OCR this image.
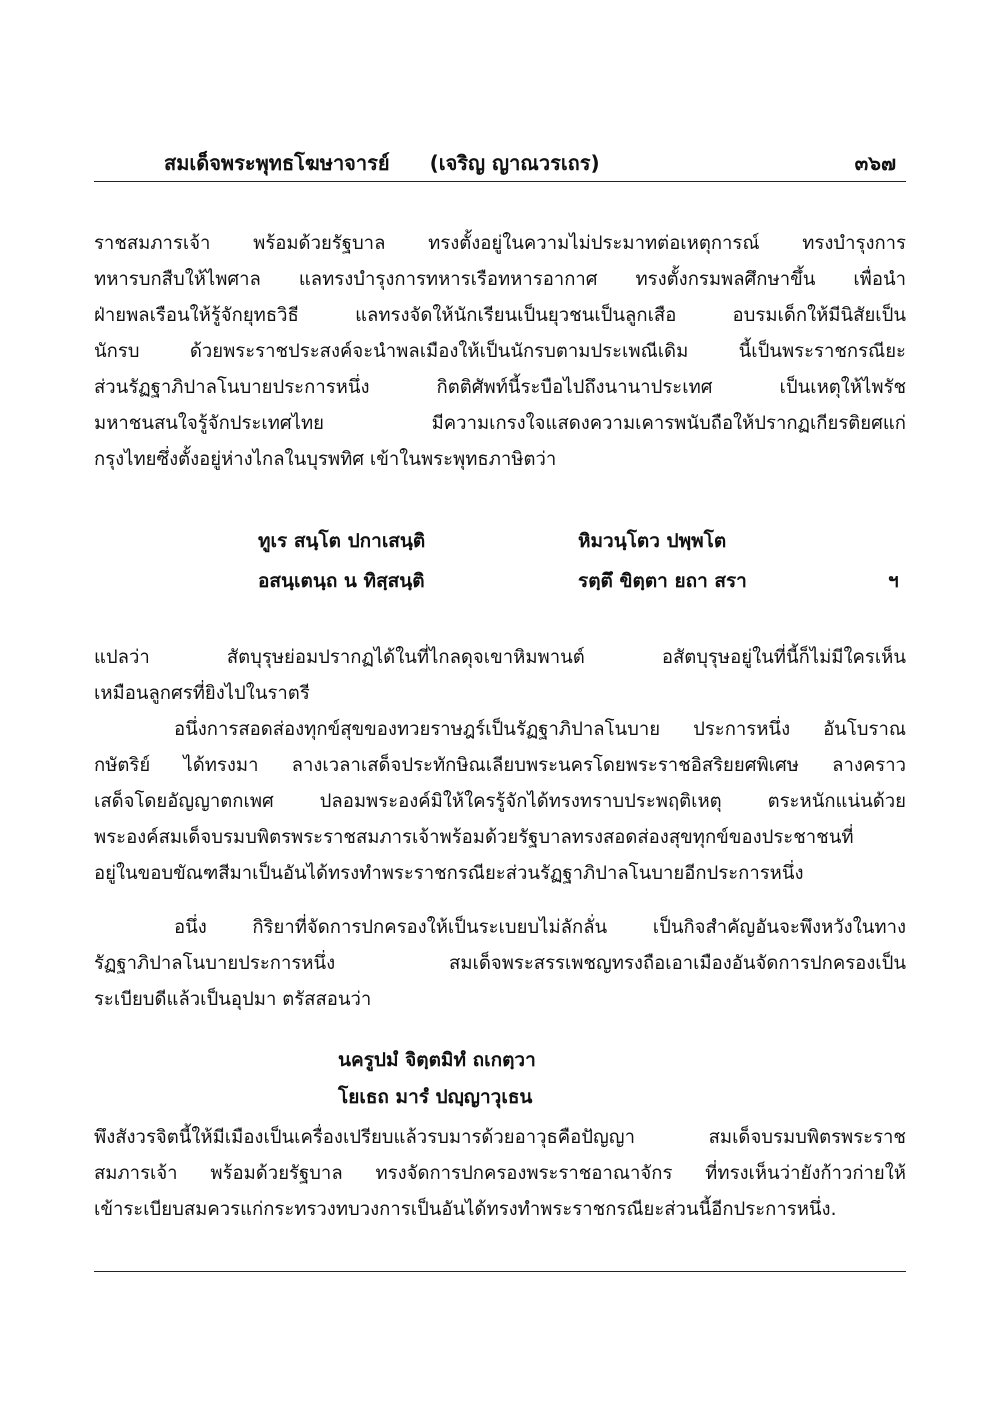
สมเด็จพระพุทธโฆษาจารย์ (เจริญ ญาณวรเถร)	๓๖๗
ราชสมภารเจ้า พร้อมด้วยรัฐบาล ทรงตั้งอยู่ในความไม่ประมาทต่อเหตุการณ์ ทรงบำรุงการ
ทหารบกสืบให้ไพศาล แลทรงบำรุงการทหารเรือทหารอากาศ ทรงตั้งกรมพลศึกษาขึ้น เพื่อนำ
ฝ่ายพลเรือนให้รู้จักยุทธวิธี แลทรงจัดให้นักเรียนเป็นยุวชนเป็นลูกเสือ อบรมเด็กให้มีนิสัยเป็น
นักรบ ด้วยพระราชประสงค์จะนำพลเมืองให้เป็นนักรบตามประเพณีเดิม นี้เป็นพระราชกรณียะ
ส่วนรัฏฐาภิปาลโนบายประการหนึ่ง กิตติศัพท์นี้ระบือไปถึงนานาประเทศ เป็นเหตุให้ไพรัช
มหาชนสนใจรู้จักประเทศไทย มีความเกรงใจแสดงความเคารพนับถือให้ปรากฏเกียรติยศแก่
กรุงไทยซึ่งตั้งอยู่ห่างไกลในบุรพทิศ เข้าในพระพุทธภาษิตว่า
ทูเร สนฺโต ปกาเสนฺติ	หิมวนฺโตว ปพฺพโต
อสนฺเตนฺถ น ทิสฺสนฺติ	รตฺตึ ขิตฺตา ยถา สรา	ฯ
แปลว่า สัตบุรุษย่อมปรากฏได้ในที่ไกลดุจเขาหิมพานต์ อสัตบุรุษอยู่ในที่นี้ก็ไม่มีใครเห็น
เหมือนลูกศรที่ยิงไปในราตรี
อนึ่งการสอดส่องทุกข์สุขของทวยราษฎร์เป็นรัฏฐาภิปาลโนบาย ประการหนึ่ง อันโบราณ
กษัตริย์ ได้ทรงมา ลางเวลาเสด็จประทักษิณเลียบพระนครโดยพระราชอิสริยยศพิเศษ ลางคราว
เสด็จโดยอัญญาตกเพศ ปลอมพระองค์มิให้ใครรู้จักได้ทรงทราบประพฤติเหตุ ตระหนักแน่นด้วย
พระองค์สมเด็จบรมบพิตรพระราชสมภารเจ้าพร้อมด้วยรัฐบาลทรงสอดส่องสุขทุกข์ของประชาชนที่
อยู่ในขอบขัณฑสีมาเป็นอันได้ทรงทำพระราชกรณียะส่วนรัฏฐาภิปาลโนบายอีกประการหนึ่ง
อนึ่ง กิริยาที่จัดการปกครองให้เป็นระเบยบไม่ลักลั่น เป็นกิจสำคัญอันจะพึงหวังในทาง
รัฏฐาภิปาลโนบายประการหนึ่ง สมเด็จพระสรรเพชญทรงถือเอาเมืองอันจัดการปกครองเป็น
ระเบียบดีแล้วเป็นอุปมา ตรัสสอนว่า
นครูปมํ จิตฺตมิทํ ถเกตฺวา
โยเธถ มารํ ปญฺญาวุเธน
พึงสังวรจิตนี้ให้มีเมืองเป็นเครื่องเปรียบแล้วรบมารด้วยอาวุธคือปัญญา สมเด็จบรมบพิตรพระราช
สมภารเจ้า พร้อมด้วยรัฐบาล ทรงจัดการปกครองพระราชอาณาจักร ที่ทรงเห็นว่ายังก้าวก่ายให้
เข้าระเบียบสมควรแก่กระทรวงทบวงการเป็นอันได้ทรงทำพระราชกรณียะส่วนนี้อีกประการหนึ่ง.
